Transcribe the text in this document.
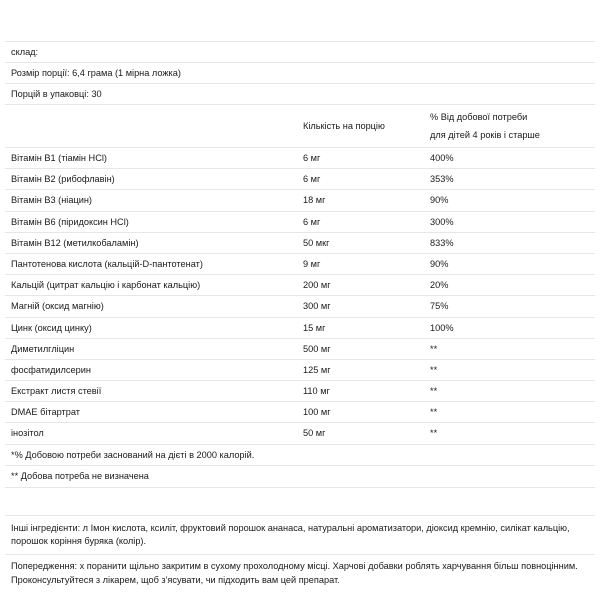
склад:
Розмір порції: 6,4 грама (1 мірна ложка)
Порцій в упаковці: 30
Кількість на порцію
% Від добової потреби
для дітей 4 років і старше
Вітамін B1 (тіамін HCl)	6 мг	400%
Вітамін B2 (рибофлавін)	6 мг	353%
Вітамін B3 (ніацин)	18 мг	90%
Вітамін B6 (піридоксин HCl)	6 мг	300%
Вітамін B12 (метилкобаламін)	50 мкг	833%
Пантотенова кислота (кальцій-D-пантотенат)	9 мг	90%
Кальцій (цитрат кальцію і карбонат кальцію)	200 мг	20%
Магній (оксид магнію)	300 мг	75%
Цинк (оксид цинку)	15 мг	100%
Диметилгліцин	500 мг	**
фосфатидилсерин	125 мг	**
Екстракт листя стевії	110 мг	**
DMAE бітартрат	100 мг	**
інозітол	50 мг	**
*% Добовою потреби заснований на дієті в 2000 калорій.
** Добова потреба не визначена
Інші інгредієнти: л Імон кислота, ксиліт, фруктовий порошок ананаса, натуральні ароматизатори, діоксид кремнію, силікат кальцію, порошок коріння буряка (колір).
Попередження: х поранити щільно закритим в сухому прохолодному місці. Харчові добавки роблять харчування більш повноцінним. Проконсультуйтеся з лікарем, щоб з'ясувати, чи підходить вам цей препарат.
